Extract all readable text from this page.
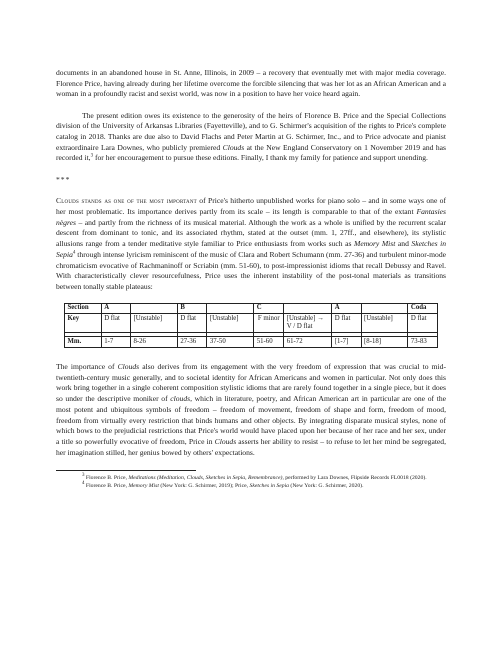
documents in an abandoned house in St. Anne, Illinois, in 2009 – a recovery that eventually met with major media coverage. Florence Price, having already during her lifetime overcome the forcible silencing that was her lot as an African American and a woman in a profoundly racist and sexist world, was now in a position to have her voice heard again.

The present edition owes its existence to the generosity of the heirs of Florence B. Price and the Special Collections division of the University of Arkansas Libraries (Fayetteville), and to G. Schirmer's acquisition of the rights to Price's complete catalog in 2018. Thanks are due also to David Flachs and Peter Martin at G. Schirmer, Inc., and to Price advocate and pianist extraordinaire Lara Downes, who publicly premiered Clouds at the New England Conservatory on 1 November 2019 and has recorded it,$^3$ for her encouragement to pursue these editions. Finally, I thank my family for patience and support unending.

***

Clouds stands as one of the most important of Price's hitherto unpublished works for piano solo – and in some ways one of her most problematic. Its importance derives partly from its scale – its length is comparable to that of the extant Fantasies nègres – and partly from the richness of its musical material. Although the work as a whole is unified by the recurrent scalar descent from dominant to tonic, and its associated rhythm, stated at the outset (mm. 1, 27ff., and elsewhere), its stylistic allusions range from a tender meditative style familiar to Price enthusiasts from works such as Memory Mist and Sketches in Sepia$^4$ through intense lyricism reminiscent of the music of Clara and Robert Schumann (mm. 27-36) and turbulent minor-mode chromaticism evocative of Rachmaninoff or Scriabin (mm. 51-60), to post-impressionist idioms that recall Debussy and Ravel. With characteristically clever resourcefulness, Price uses the inherent instability of the post-tonal materials as transitions between tonally stable plateaus:

Section	A		B		C		A		Coda
Key	D flat	[Unstable]	D flat	[Unstable]	F minor	[Unstable] → V / D flat	D flat	[Unstable]	D flat

Mm.	1-7	8-26	27-36	37-50	51-60	61-72	[1-7]	[8-18]	73-83

The importance of Clouds also derives from its engagement with the very freedom of expression that was crucial to mid-twentieth-century music generally, and to societal identity for African Americans and women in particular. Not only does this work bring together in a single coherent composition stylistic idioms that are rarely found together in a single piece, but it does so under the descriptive moniker of clouds, which in literature, poetry, and African American art in particular are one of the most potent and ubiquitous symbols of freedom – freedom of movement, freedom of shape and form, freedom of mood, freedom from virtually every restriction that binds humans and other objects. By integrating disparate musical styles, none of which bows to the prejudicial restrictions that Price's world would have placed upon her because of her race and her sex, under a title so powerfully evocative of freedom, Price in Clouds asserts her ability to resist – to refuse to let her mind be segregated, her imagination stilled, her genius bowed by others' expectations.

$^3$ Florence B. Price, Meditations (Meditation, Clouds, Sketches in Sepia, Remembrance), performed by Lara Downes, Flipside Records FL0018 (2020).

$^4$ Florence B. Price, Memory Mist (New York: G. Schirmer, 2019); Price, Sketches in Sepia (New York: G. Schirmer, 2020).
